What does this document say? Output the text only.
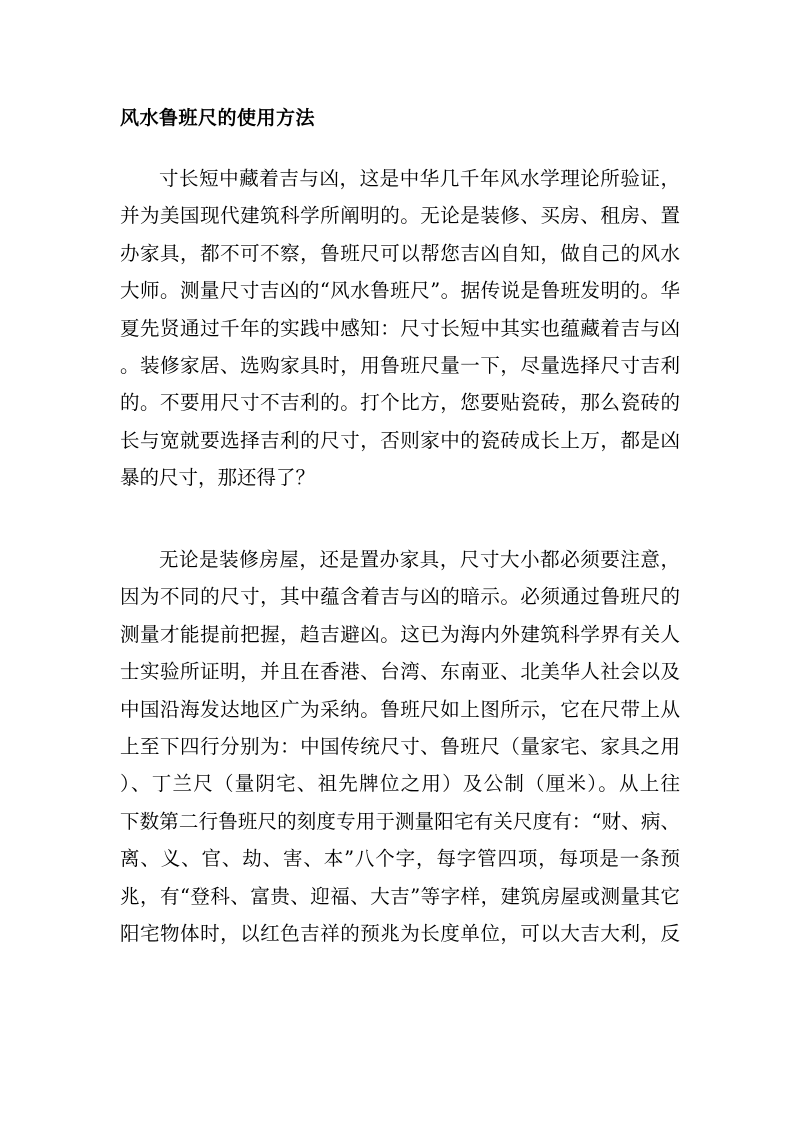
风水鲁班尺的使用方法
寸长短中藏着吉与凶，这是中华几千年风水学理论所验证，
并为美国现代建筑科学所阐明的。无论是装修、买房、租房、置
办家具，都不可不察，鲁班尺可以帮您吉凶自知，做自己的风水
大师。测量尺寸吉凶的“风水鲁班尺”。据传说是鲁班发明的。华
夏先贤通过千年的实践中感知：尺寸长短中其实也蕴藏着吉与凶
。装修家居、选购家具时，用鲁班尺量一下，尽量选择尺寸吉利
的。不要用尺寸不吉利的。打个比方，您要贴瓷砖，那么瓷砖的
长与宽就要选择吉利的尺寸，否则家中的瓷砖成长上万，都是凶
暴的尺寸，那还得了？
无论是装修房屋，还是置办家具，尺寸大小都必须要注意，
因为不同的尺寸，其中蕴含着吉与凶的暗示。必须通过鲁班尺的
测量才能提前把握，趋吉避凶。这已为海内外建筑科学界有关人
士实验所证明，并且在香港、台湾、东南亚、北美华人社会以及
中国沿海发达地区广为采纳。鲁班尺如上图所示，它在尺带上从
上至下四行分别为：中国传统尺寸、鲁班尺（量家宅、家具之用
）、丁兰尺（量阴宅、祖先牌位之用）及公制（厘米）。从上往
下数第二行鲁班尺的刻度专用于测量阳宅有关尺度有：“财、病、
离、义、官、劫、害、本”八个字，每字管四项，每项是一条预
兆，有“登科、富贵、迎福、大吉”等字样，建筑房屋或测量其它
阳宅物体时，以红色吉祥的预兆为长度单位，可以大吉大利，反
